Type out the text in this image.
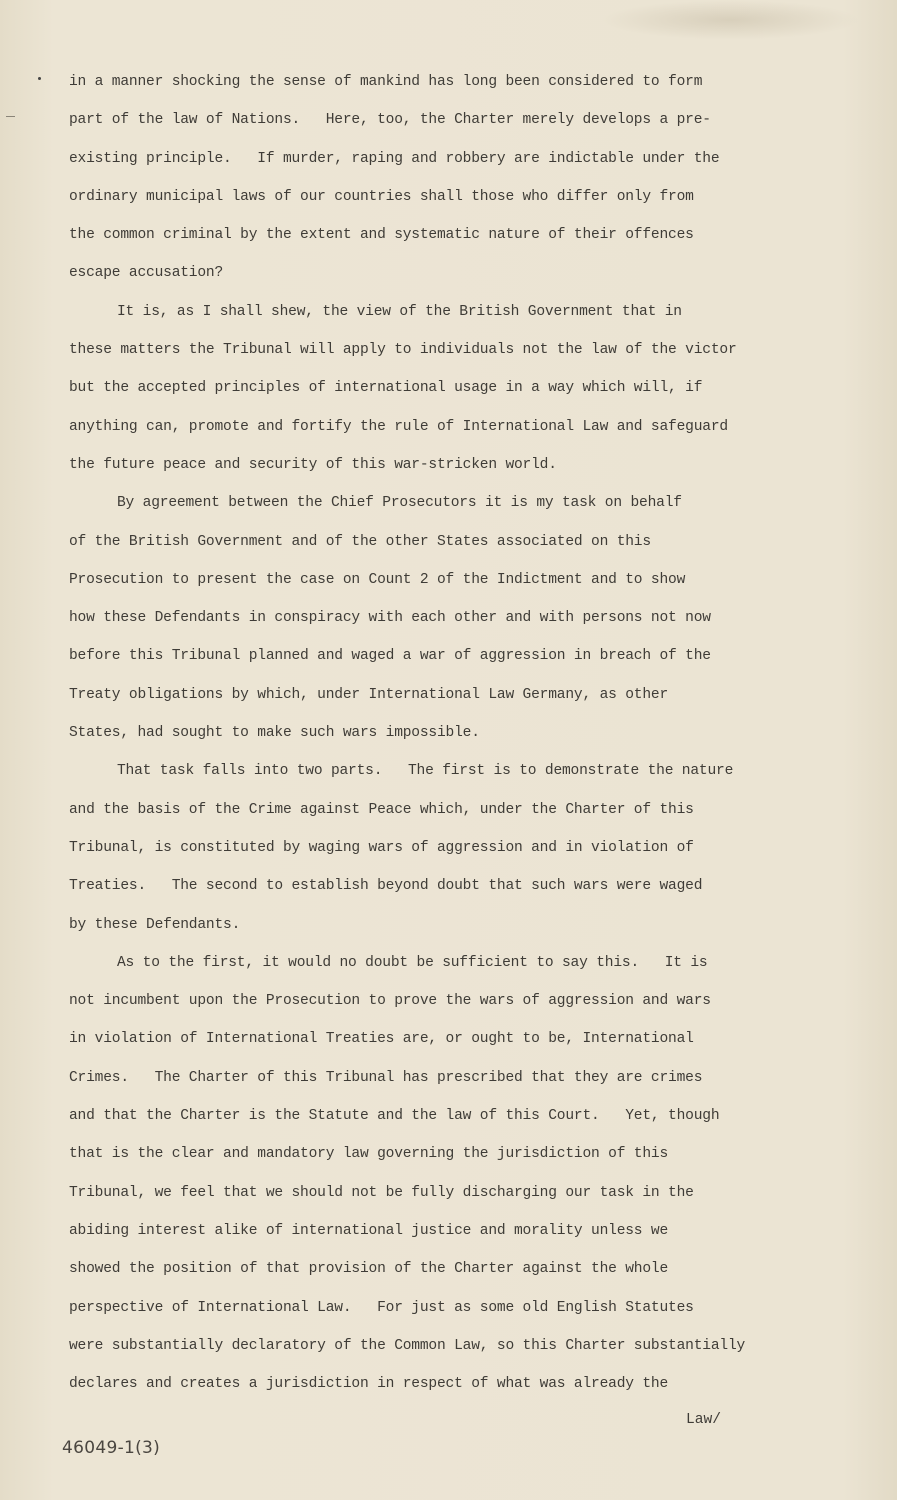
in a manner shocking the sense of mankind has long been considered to form
part of the law of Nations.   Here, too, the Charter merely develops a pre-
existing principle.   If murder, raping and robbery are indictable under the
ordinary municipal laws of our countries shall those who differ only from
the common criminal by the extent and systematic nature of their offences
escape accusation?
It is, as I shall shew, the view of the British Government that in
these matters the Tribunal will apply to individuals not the law of the victor
but the accepted principles of international usage in a way which will, if
anything can, promote and fortify the rule of International Law and safeguard
the future peace and security of this war-stricken world.
By agreement between the Chief Prosecutors it is my task on behalf
of the British Government and of the other States associated on this
Prosecution to present the case on Count 2 of the Indictment and to show
how these Defendants in conspiracy with each other and with persons not now
before this Tribunal planned and waged a war of aggression in breach of the
Treaty obligations by which, under International Law Germany, as other
States, had sought to make such wars impossible.
That task falls into two parts.   The first is to demonstrate the nature
and the basis of the Crime against Peace which, under the Charter of this
Tribunal, is constituted by waging wars of aggression and in violation of
Treaties.   The second to establish beyond doubt that such wars were waged
by these Defendants.
As to the first, it would no doubt be sufficient to say this.   It is
not incumbent upon the Prosecution to prove the wars of aggression and wars
in violation of International Treaties are, or ought to be, International
Crimes.   The Charter of this Tribunal has prescribed that they are crimes
and that the Charter is the Statute and the law of this Court.   Yet, though
that is the clear and mandatory law governing the jurisdiction of this
Tribunal, we feel that we should not be fully discharging our task in the
abiding interest alike of international justice and morality unless we
showed the position of that provision of the Charter against the whole
perspective of International Law.   For just as some old English Statutes
were substantially declaratory of the Common Law, so this Charter substantially
declares and creates a jurisdiction in respect of what was already the
Law/
46049-1(3)
